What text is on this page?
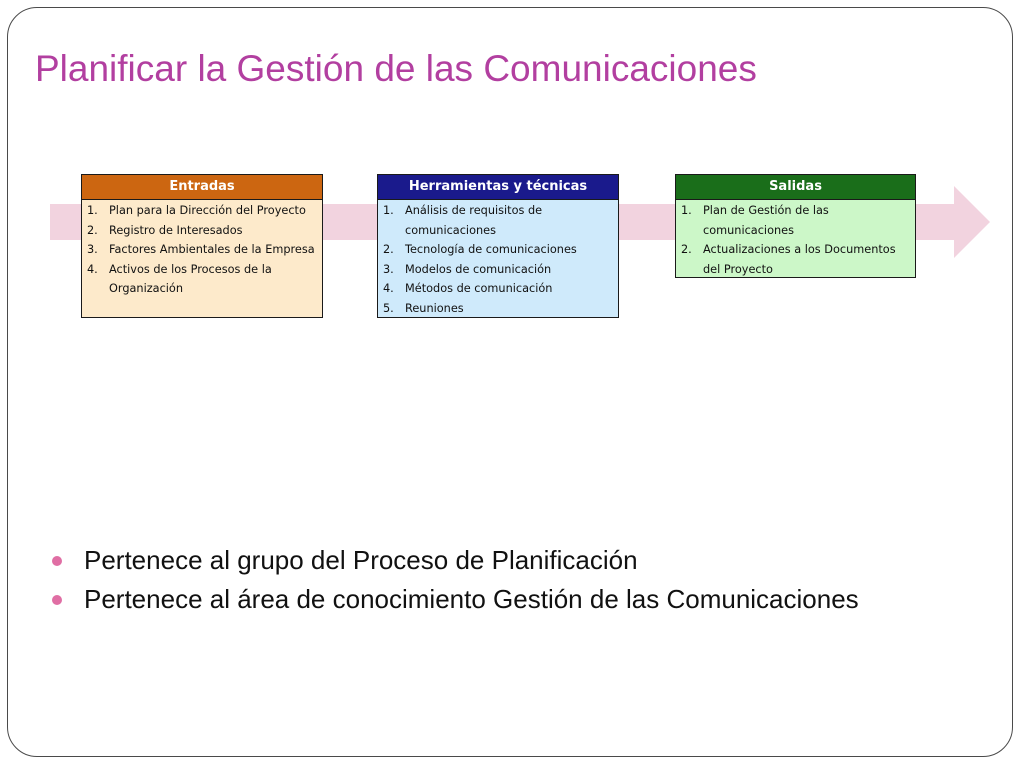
Planificar la Gestión de las Comunicaciones
Entradas
1. Plan para la Dirección del Proyecto
2. Registro de Interesados
3. Factores Ambientales de la Empresa
4. Activos de los Procesos de la Organización
Herramientas y técnicas
1. Análisis de requisitos de comunicaciones
2. Tecnología de comunicaciones
3. Modelos de comunicación
4. Métodos de comunicación
5. Reuniones
Salidas
1. Plan de Gestión de las comunicaciones
2. Actualizaciones a los Documentos del Proyecto
Pertenece al grupo del Proceso de Planificación
Pertenece al área de conocimiento Gestión de las Comunicaciones
